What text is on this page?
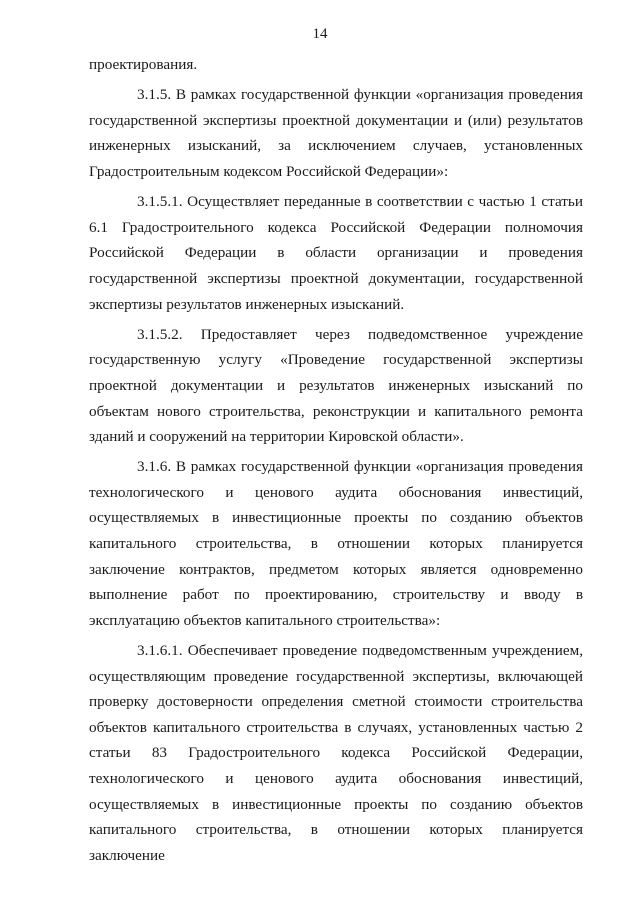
14

проектирования.

3.1.5. В рамках государственной функции «организация проведения государственной экспертизы проектной документации и (или) результатов инженерных изысканий, за исключением случаев, установленных Градостроительным кодексом Российской Федерации»:

3.1.5.1. Осуществляет переданные в соответствии с частью 1 статьи 6.1 Градостроительного кодекса Российской Федерации полномочия Российской Федерации в области организации и проведения государственной экспертизы проектной документации, государственной экспертизы результатов инженерных изысканий.

3.1.5.2. Предоставляет через подведомственное учреждение государственную услугу «Проведение государственной экспертизы проектной документации и результатов инженерных изысканий по объектам нового строительства, реконструкции и капитального ремонта зданий и сооружений на территории Кировской области».

3.1.6. В рамках государственной функции «организация проведения технологического и ценового аудита обоснования инвестиций, осуществляемых в инвестиционные проекты по созданию объектов капитального строительства, в отношении которых планируется заключение контрактов, предметом которых является одновременно выполнение работ по проектированию, строительству и вводу в эксплуатацию объектов капитального строительства»:

3.1.6.1. Обеспечивает проведение подведомственным учреждением, осуществляющим проведение государственной экспертизы, включающей проверку достоверности определения сметной стоимости строительства объектов капитального строительства в случаях, установленных частью 2 статьи 83 Градостроительного кодекса Российской Федерации, технологического и ценового аудита обоснования инвестиций, осуществляемых в инвестиционные проекты по созданию объектов капитального строительства, в отношении которых планируется заключение
